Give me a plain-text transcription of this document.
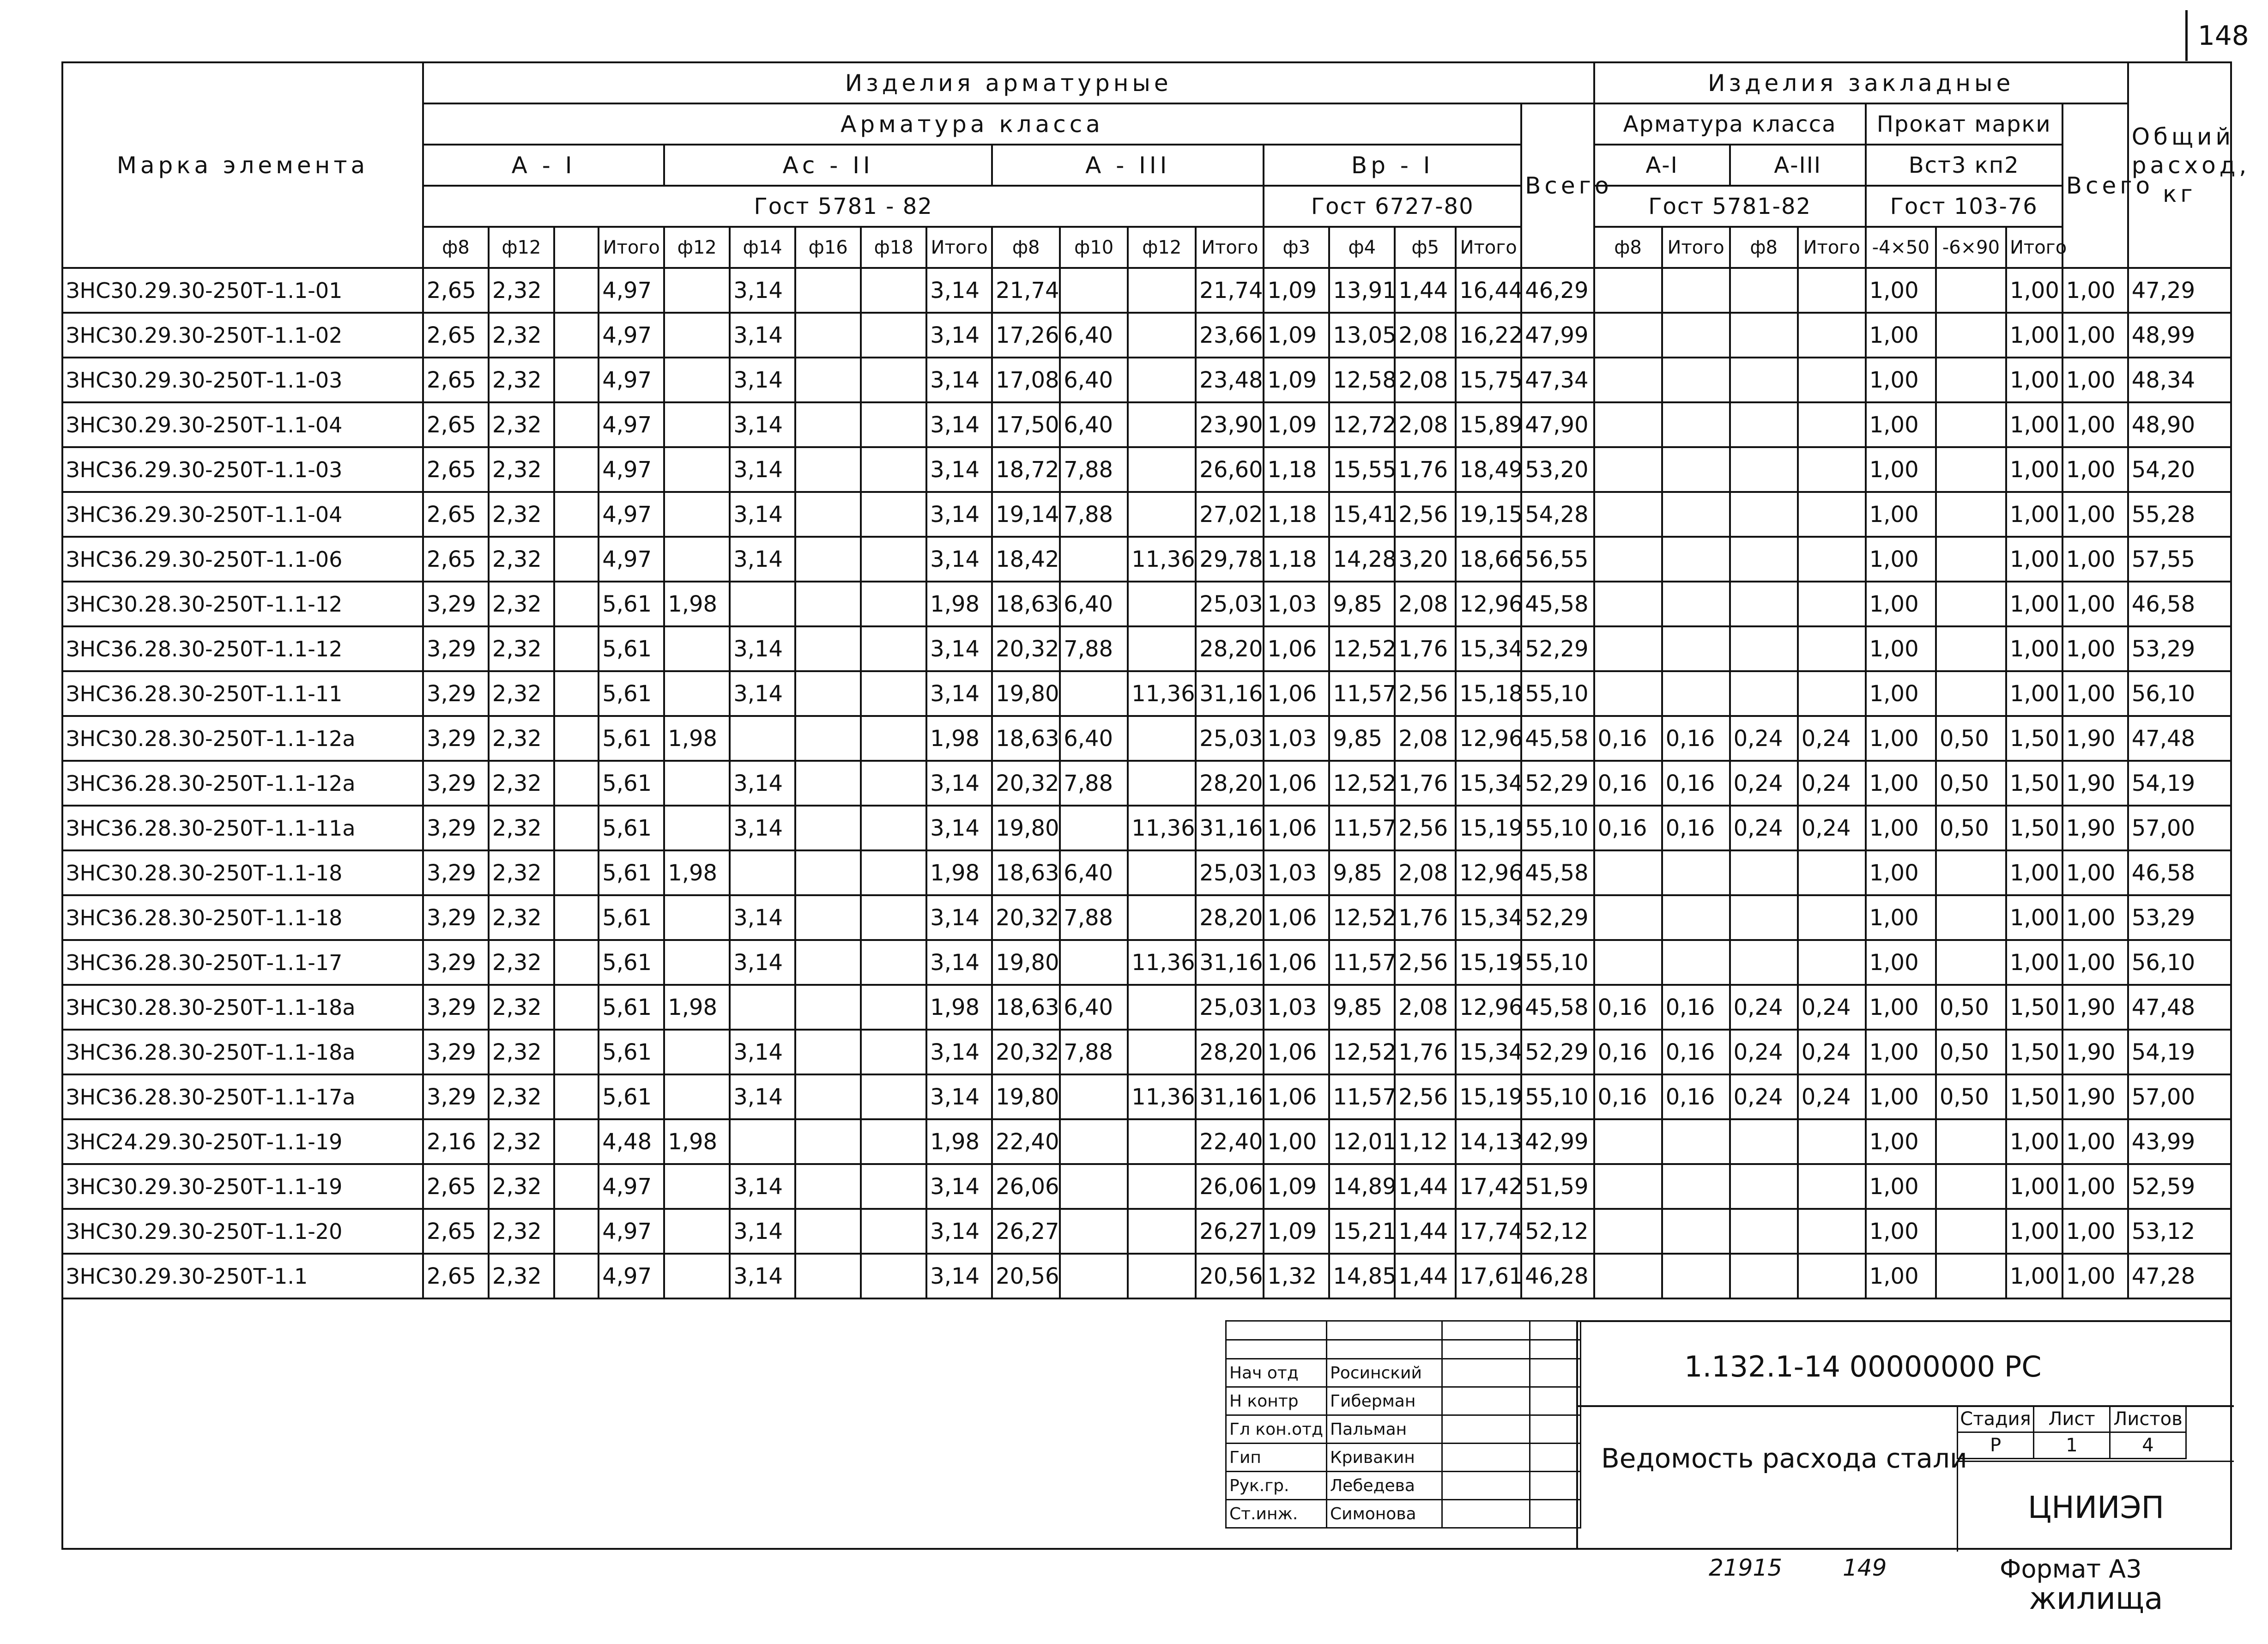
148
Марка элемента	Изделия арматурные																		Изделия закладные								Общий расход, кг
	Арматура класса																	Всего	Арматура класса				Прокат марки			Всего	
	А - I				Ас - II					А - III				Вр - I					А-I		А-III		Вст3 кп2				
	Гост 5781 - 82													Гост 6727-80					Гост 5781-82				Гост 103-76				
	ф8	ф12		Итого	ф12	ф14	ф16	ф18	Итого	ф8	ф10	ф12	Итого	ф3	ф4	ф5	Итого		ф8	Итого	ф8	Итого	-4×50	-6×90	Итого		
ЗНС30.29.30-250Т-1.1-01	2,65	2,32		4,97		3,14			3,14	21,74			21,74	1,09	13,91	1,44	16,44	46,29					1,00		1,00	1,00	47,29
ЗНС30.29.30-250Т-1.1-02	2,65	2,32		4,97		3,14			3,14	17,26	6,40		23,66	1,09	13,05	2,08	16,22	47,99					1,00		1,00	1,00	48,99
ЗНС30.29.30-250Т-1.1-03	2,65	2,32		4,97		3,14			3,14	17,08	6,40		23,48	1,09	12,58	2,08	15,75	47,34					1,00		1,00	1,00	48,34
ЗНС30.29.30-250Т-1.1-04	2,65	2,32		4,97		3,14			3,14	17,50	6,40		23,90	1,09	12,72	2,08	15,89	47,90					1,00		1,00	1,00	48,90
ЗНС36.29.30-250Т-1.1-03	2,65	2,32		4,97		3,14			3,14	18,72	7,88		26,60	1,18	15,55	1,76	18,49	53,20					1,00		1,00	1,00	54,20
ЗНС36.29.30-250Т-1.1-04	2,65	2,32		4,97		3,14			3,14	19,14	7,88		27,02	1,18	15,41	2,56	19,15	54,28					1,00		1,00	1,00	55,28
ЗНС36.29.30-250Т-1.1-06	2,65	2,32		4,97		3,14			3,14	18,42		11,36	29,78	1,18	14,28	3,20	18,66	56,55					1,00		1,00	1,00	57,55
ЗНС30.28.30-250Т-1.1-12	3,29	2,32		5,61	1,98				1,98	18,63	6,40		25,03	1,03	9,85	2,08	12,96	45,58					1,00		1,00	1,00	46,58
ЗНС36.28.30-250Т-1.1-12	3,29	2,32		5,61		3,14			3,14	20,32	7,88		28,20	1,06	12,52	1,76	15,34	52,29					1,00		1,00	1,00	53,29
ЗНС36.28.30-250Т-1.1-11	3,29	2,32		5,61		3,14			3,14	19,80		11,36	31,16	1,06	11,57	2,56	15,18	55,10					1,00		1,00	1,00	56,10
ЗНС30.28.30-250Т-1.1-12а	3,29	2,32		5,61	1,98				1,98	18,63	6,40		25,03	1,03	9,85	2,08	12,96	45,58	0,16	0,16	0,24	0,24	1,00	0,50	1,50	1,90	47,48
ЗНС36.28.30-250Т-1.1-12а	3,29	2,32		5,61		3,14			3,14	20,32	7,88		28,20	1,06	12,52	1,76	15,34	52,29	0,16	0,16	0,24	0,24	1,00	0,50	1,50	1,90	54,19
ЗНС36.28.30-250Т-1.1-11а	3,29	2,32		5,61		3,14			3,14	19,80		11,36	31,16	1,06	11,57	2,56	15,19	55,10	0,16	0,16	0,24	0,24	1,00	0,50	1,50	1,90	57,00
ЗНС30.28.30-250Т-1.1-18	3,29	2,32		5,61	1,98				1,98	18,63	6,40		25,03	1,03	9,85	2,08	12,96	45,58					1,00		1,00	1,00	46,58
ЗНС36.28.30-250Т-1.1-18	3,29	2,32		5,61		3,14			3,14	20,32	7,88		28,20	1,06	12,52	1,76	15,34	52,29					1,00		1,00	1,00	53,29
ЗНС36.28.30-250Т-1.1-17	3,29	2,32		5,61		3,14			3,14	19,80		11,36	31,16	1,06	11,57	2,56	15,19	55,10					1,00		1,00	1,00	56,10
ЗНС30.28.30-250Т-1.1-18а	3,29	2,32		5,61	1,98				1,98	18,63	6,40		25,03	1,03	9,85	2,08	12,96	45,58	0,16	0,16	0,24	0,24	1,00	0,50	1,50	1,90	47,48
ЗНС36.28.30-250Т-1.1-18а	3,29	2,32		5,61		3,14			3,14	20,32	7,88		28,20	1,06	12,52	1,76	15,34	52,29	0,16	0,16	0,24	0,24	1,00	0,50	1,50	1,90	54,19
ЗНС36.28.30-250Т-1.1-17а	3,29	2,32		5,61		3,14			3,14	19,80		11,36	31,16	1,06	11,57	2,56	15,19	55,10	0,16	0,16	0,24	0,24	1,00	0,50	1,50	1,90	57,00
ЗНС24.29.30-250Т-1.1-19	2,16	2,32		4,48	1,98				1,98	22,40			22,40	1,00	12,01	1,12	14,13	42,99					1,00		1,00	1,00	43,99
ЗНС30.29.30-250Т-1.1-19	2,65	2,32		4,97		3,14			3,14	26,06			26,06	1,09	14,89	1,44	17,42	51,59					1,00		1,00	1,00	52,59
ЗНС30.29.30-250Т-1.1-20	2,65	2,32		4,97		3,14			3,14	26,27			26,27	1,09	15,21	1,44	17,74	52,12					1,00		1,00	1,00	53,12
ЗНС30.29.30-250Т-1.1	2,65	2,32		4,97		3,14			3,14	20,56			20,56	1,32	14,85	1,44	17,61	46,28					1,00		1,00	1,00	47,28

Нач отд	Росинский		
Н контр	Гиберман		
Гл кон.отд	Пальман		
Гип	Кривакин		
Рук.гр.	Лебедева		
Ст.инж.	Симонова		
1.132.1-14 00000000 РС
Ведомость расхода стали
Стадия	Лист	Листов
Р	1	4
ЦНИИЭП жилища
21915	149	Формат А3
